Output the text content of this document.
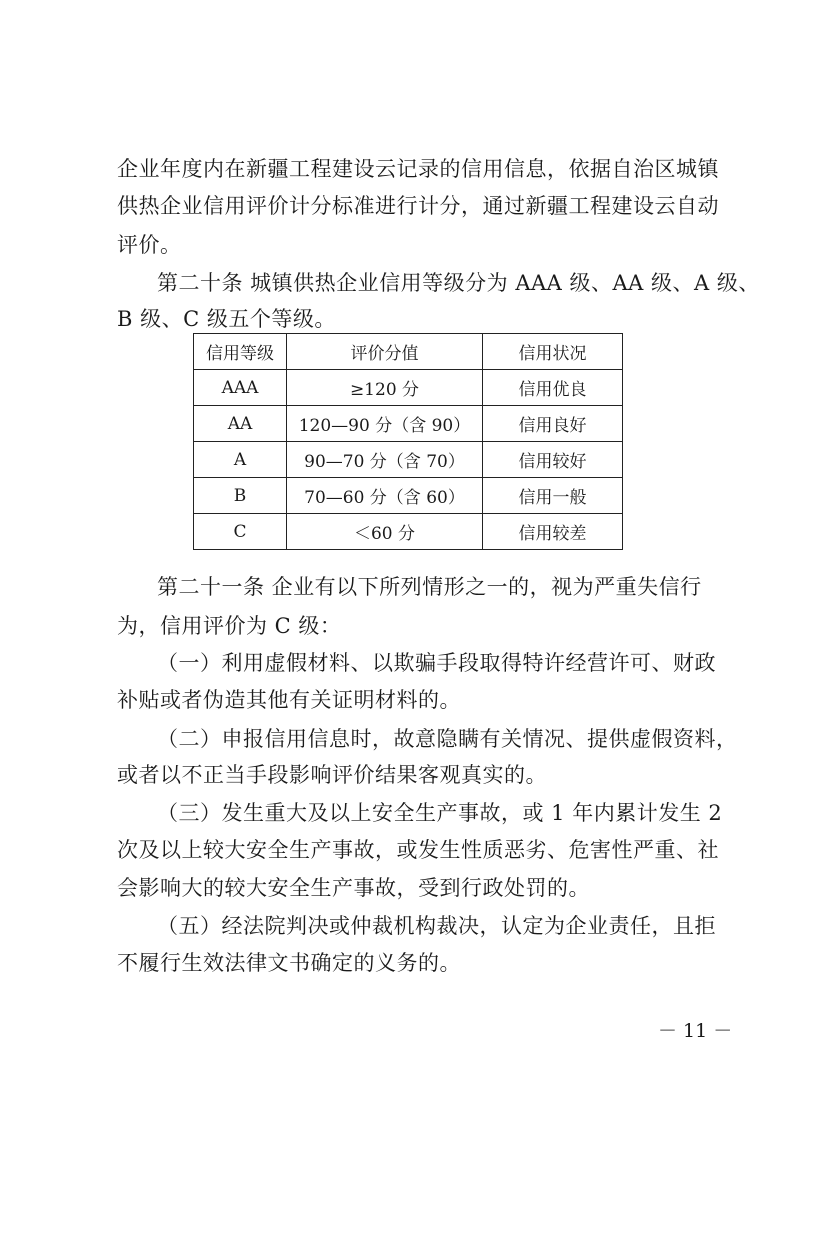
企业年度内在新疆工程建设云记录的信用信息，依据自治区城镇
供热企业信用评价计分标准进行计分，通过新疆工程建设云自动
评价。
第二十条 城镇供热企业信用等级分为 AAA 级、AA 级、A 级、
B 级、C 级五个等级。
信用等级	评价分值	信用状况
AAA	≥120 分	信用优良
AA	120—90 分（含 90）	信用良好
A	90—70 分（含 70）	信用较好
B	70—60 分（含 60）	信用一般
C	＜60 分	信用较差
第二十一条 企业有以下所列情形之一的，视为严重失信行
为，信用评价为 C 级：
（一）利用虚假材料、以欺骗手段取得特许经营许可、财政
补贴或者伪造其他有关证明材料的。
（二）申报信用信息时，故意隐瞒有关情况、提供虚假资料，
或者以不正当手段影响评价结果客观真实的。
（三）发生重大及以上安全生产事故，或 1 年内累计发生 2
次及以上较大安全生产事故，或发生性质恶劣、危害性严重、社
会影响大的较大安全生产事故，受到行政处罚的。
（五）经法院判决或仲裁机构裁决，认定为企业责任，且拒
不履行生效法律文书确定的义务的。
－ 11 －
